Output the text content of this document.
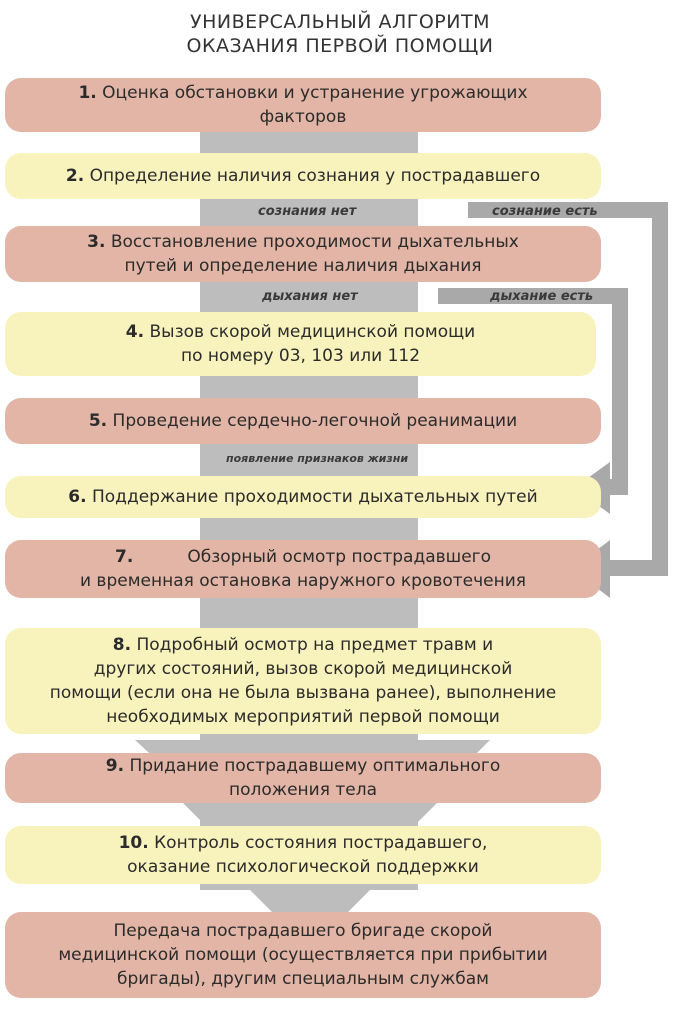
УНИВЕРСАЛЬНЫЙ АЛГОРИТМ
ОКАЗАНИЯ ПЕРВОЙ ПОМОЩИ
1. Оценка обстановки и устранение угрожающих
факторов
2. Определение наличия сознания у пострадавшего
сознания нет	сознание есть
3. Восстановление проходимости дыхательных
путей и определение наличия дыхания
дыхания нет	дыхание есть
4. Вызов скорой медицинской помощи
по номеру 03, 103 или 112
5. Проведение сердечно-легочной реанимации
появление признаков жизни
6. Поддержание проходимости дыхательных путей
7.	Обзорный осмотр пострадавшего
и временная остановка наружного кровотечения
8. Подробный осмотр на предмет травм и
других состояний, вызов скорой медицинской
помощи (если она не была вызвана ранее), выполнение
необходимых мероприятий первой помощи
9. Придание пострадавшему оптимального
положения тела
10. Контроль состояния пострадавшего,
оказание психологической поддержки
Передача пострадавшего бригаде скорой
медицинской помощи (осуществляется при прибытии
бригады), другим специальным службам
